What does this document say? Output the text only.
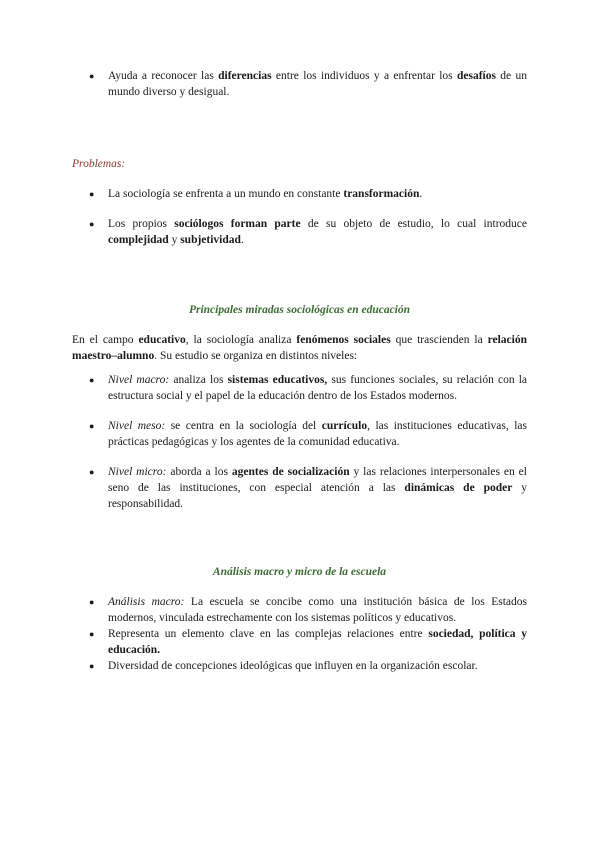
● Ayuda a reconocer las diferencias entre los individuos y a enfrentar los desafíos de un mundo diverso y desigual.

Problemas:

● La sociología se enfrenta a un mundo en constante transformación.
● Los propios sociólogos forman parte de su objeto de estudio, lo cual introduce complejidad y subjetividad.

Principales miradas sociológicas en educación

En el campo educativo, la sociología analiza fenómenos sociales que trascienden la relación maestro–alumno. Su estudio se organiza en distintos niveles:

● Nivel macro: analiza los sistemas educativos, sus funciones sociales, su relación con la estructura social y el papel de la educación dentro de los Estados modernos.
● Nivel meso: se centra en la sociología del currículo, las instituciones educativas, las prácticas pedagógicas y los agentes de la comunidad educativa.
● Nivel micro: aborda a los agentes de socialización y las relaciones interpersonales en el seno de las instituciones, con especial atención a las dinámicas de poder y responsabilidad.

Análisis macro y micro de la escuela

● Análisis macro: La escuela se concibe como una institución básica de los Estados modernos, vinculada estrechamente con los sistemas políticos y educativos.
● Representa un elemento clave en las complejas relaciones entre sociedad, política y educación.
● Diversidad de concepciones ideológicas que influyen en la organización escolar.
